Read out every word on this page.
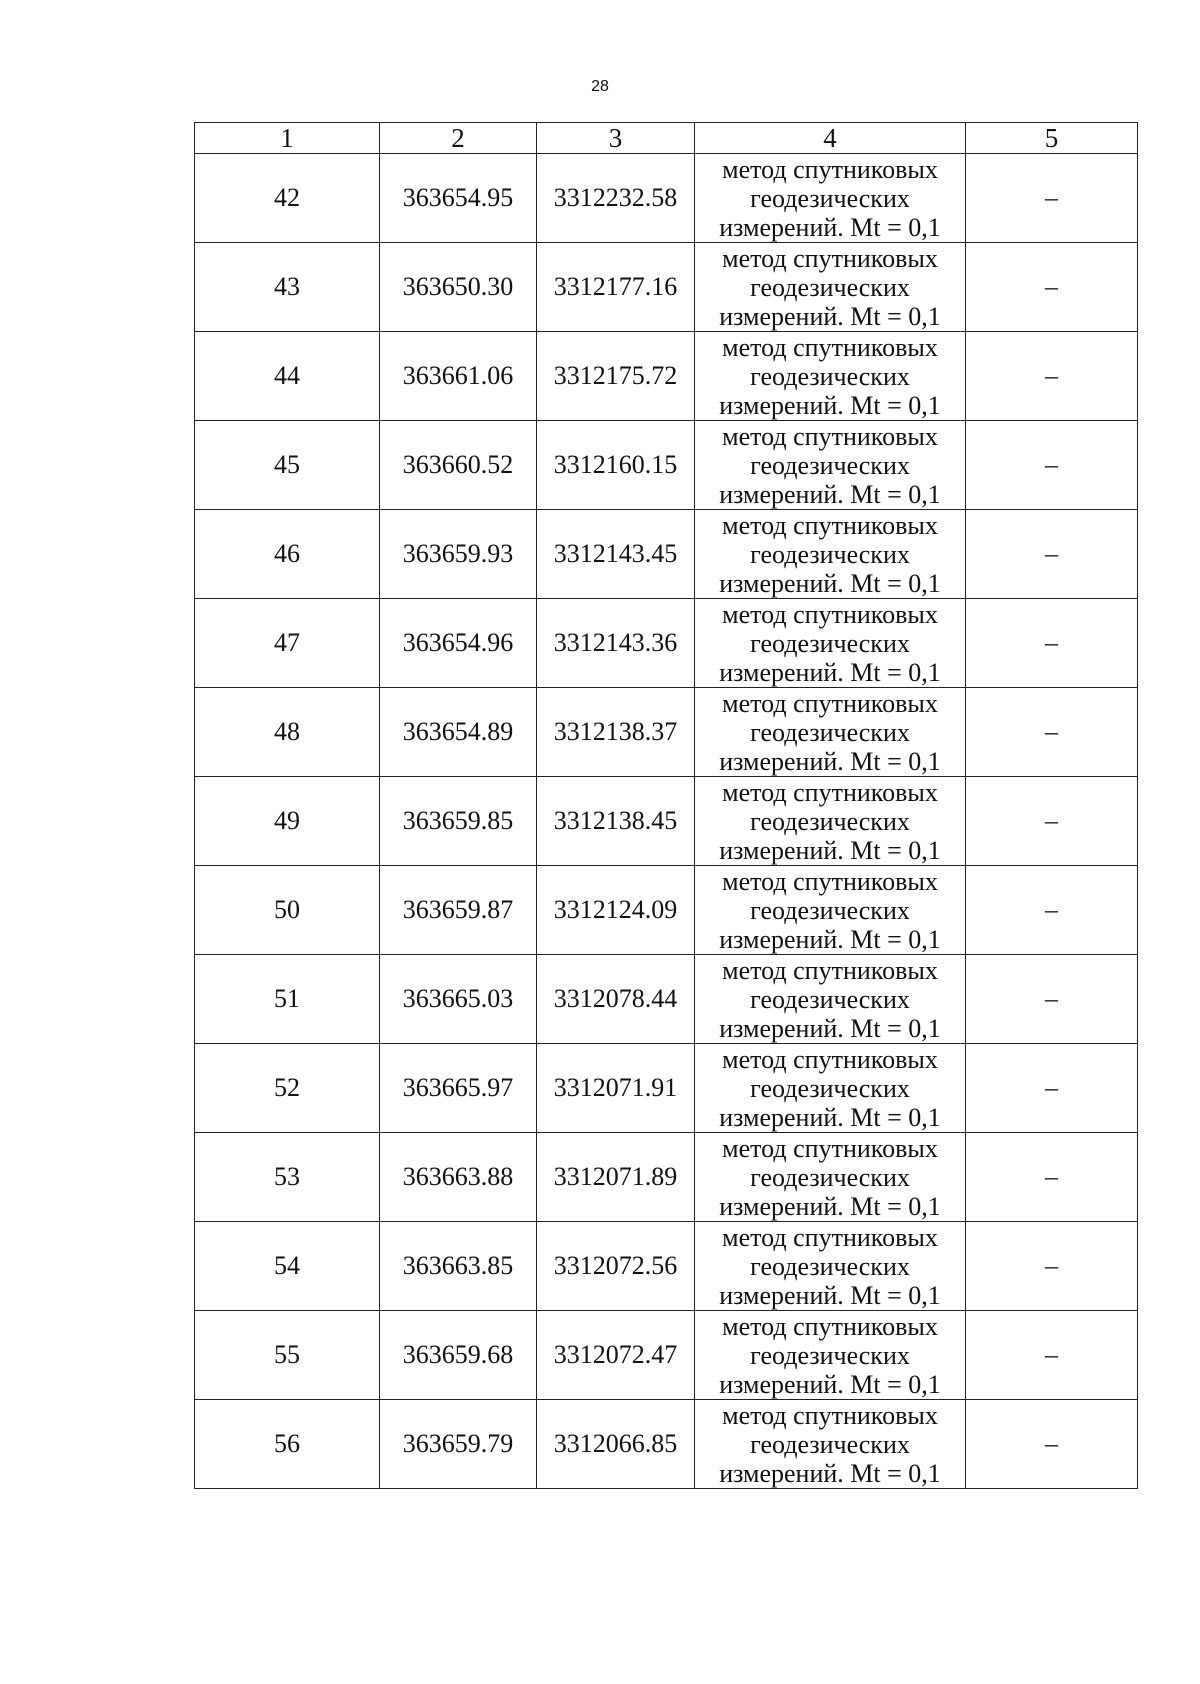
28
1	2	3	4	5
42	363654.95	3312232.58	метод спутниковых
геодезических
измерений. Mt = 0,1	–
43	363650.30	3312177.16	метод спутниковых
геодезических
измерений. Mt = 0,1	–
44	363661.06	3312175.72	метод спутниковых
геодезических
измерений. Mt = 0,1	–
45	363660.52	3312160.15	метод спутниковых
геодезических
измерений. Mt = 0,1	–
46	363659.93	3312143.45	метод спутниковых
геодезических
измерений. Mt = 0,1	–
47	363654.96	3312143.36	метод спутниковых
геодезических
измерений. Mt = 0,1	–
48	363654.89	3312138.37	метод спутниковых
геодезических
измерений. Mt = 0,1	–
49	363659.85	3312138.45	метод спутниковых
геодезических
измерений. Mt = 0,1	–
50	363659.87	3312124.09	метод спутниковых
геодезических
измерений. Mt = 0,1	–
51	363665.03	3312078.44	метод спутниковых
геодезических
измерений. Mt = 0,1	–
52	363665.97	3312071.91	метод спутниковых
геодезических
измерений. Mt = 0,1	–
53	363663.88	3312071.89	метод спутниковых
геодезических
измерений. Mt = 0,1	–
54	363663.85	3312072.56	метод спутниковых
геодезических
измерений. Mt = 0,1	–
55	363659.68	3312072.47	метод спутниковых
геодезических
измерений. Mt = 0,1	–
56	363659.79	3312066.85	метод спутниковых
геодезических
измерений. Mt = 0,1	–
